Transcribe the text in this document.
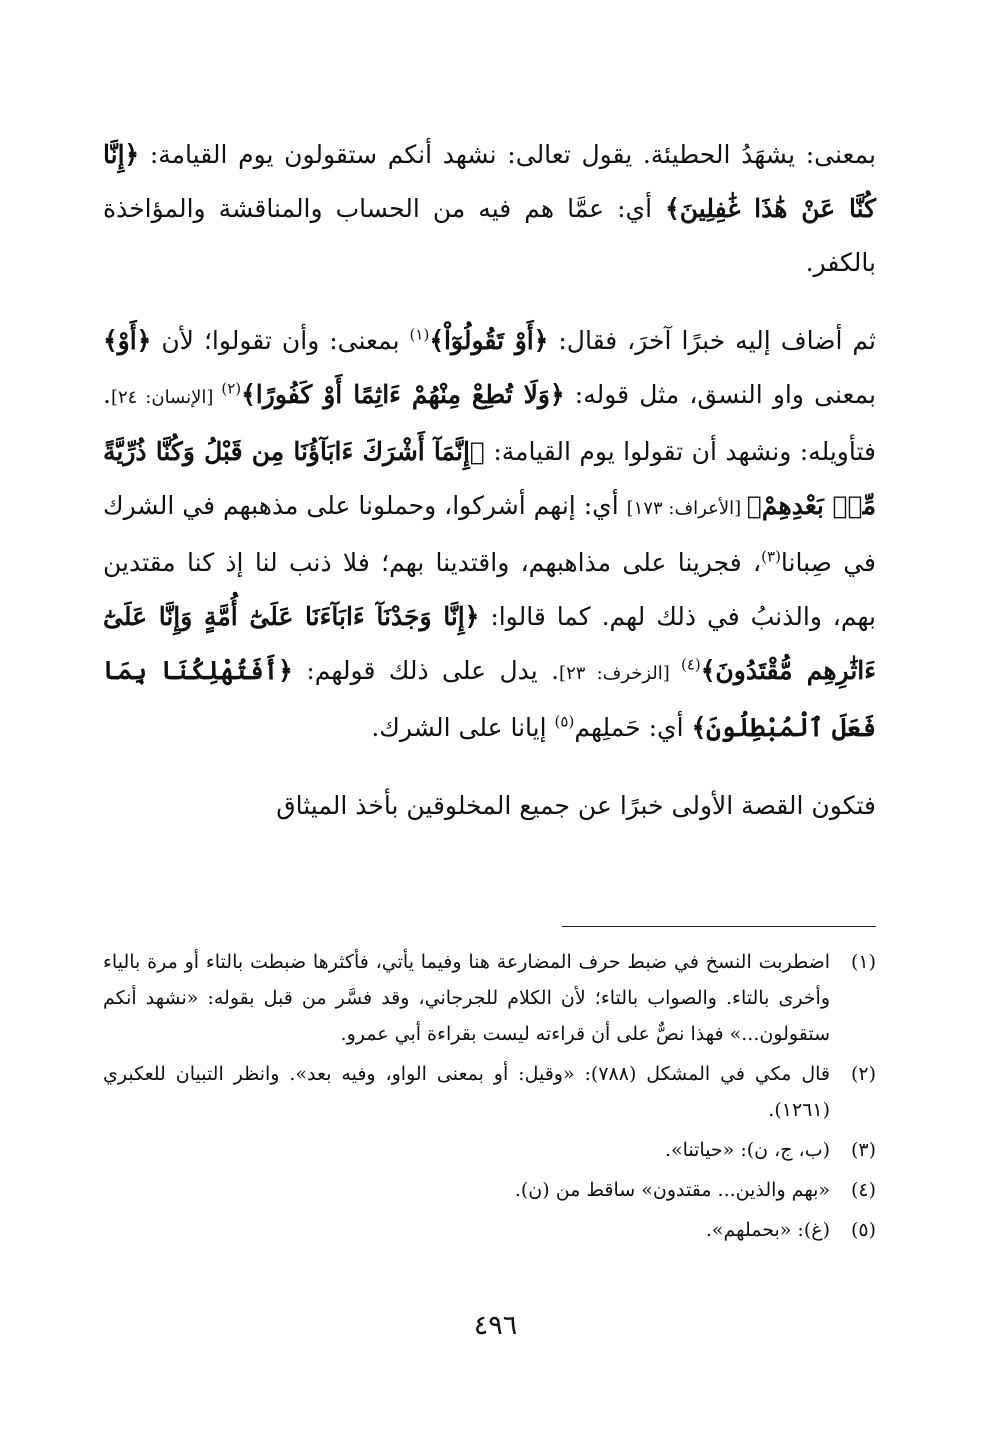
بمعنى: يشهَدُ الحطيئة. يقول تعالى: نشهد أنكم ستقولون يوم القيامة: ﴿إِنَّا كُنَّا عَنْ هَٰذَا غَٰفِلِينَ﴾ أي: عمَّا هم فيه من الحساب والمناقشة والمؤاخذة بالكفر.

ثم أضاف إليه خبرًا آخرَ، فقال: ﴿أَوْ تَقُولُوٓاْ﴾$^{(١)}$ بمعنى: وأن تقولوا؛ لأن ﴿أَوْ﴾ بمعنى واو النسق، مثل قوله: ﴿وَلَا تُطِعْ مِنْهُمْ ءَاثِمًا أَوْ كَفُورًا﴾$^{(٢)}$ [الإنسان: ٢٤]. فتأويله: ونشهد أن تقولوا يوم القيامة: ﴿إِنَّمَآ أَشْرَكَ ءَابَآؤُنَا مِن قَبْلُ وَكُنَّا ذُرِّيَّةً مِّنۢ بَعْدِهِمْ﴾ [الأعراف: ١٧٣] أي: إنهم أشركوا، وحملونا على مذهبهم في الشرك في صِبانا$^{(٣)}$، فجرينا على مذاهبهم، واقتدينا بهم؛ فلا ذنب لنا إذ كنا مقتدين بهم، والذنبُ في ذلك لهم. كما قالوا: ﴿إِنَّا وَجَدْنَآ ءَابَآءَنَا عَلَىٰٓ أُمَّةٍ وَإِنَّا عَلَىٰٓ ءَاثَٰرِهِم مُّقْتَدُونَ﴾$^{(٤)}$ [الزخرف: ٢٣]. يدل على ذلك قولهم: ﴿أَفَتُهْلِكُنَا بِمَا فَعَلَ ٱلْمُبْطِلُونَ﴾ أي: حَملِهم$^{(٥)}$ إيانا على الشرك.

فتكون القصة الأولى خبرًا عن جميع المخلوقين بأخذ الميثاق

(١)
اضطربت النسخ في ضبط حرف المضارعة هنا وفيما يأتي، فأكثرها ضبطت بالتاء أو مرة بالياء وأخرى بالتاء. والصواب بالتاء؛ لأن الكلام للجرجاني، وقد فسَّر من قبل بقوله: «نشهد أنكم ستقولون...» فهذا نصٌّ على أن قراءته ليست بقراءة أبي عمرو.
(٢)
قال مكي في المشكل (٧٨٨): «وقيل: أو بمعنى الواو، وفيه بعد». وانظر التبيان للعكبري (١٢٦١).
(٣)
(ب، ج، ن): «حياتنا».
(٤)
«بهم والذين... مقتدون» ساقط من (ن).
(٥)
(غ): «بحملهم».
٤٩٦
